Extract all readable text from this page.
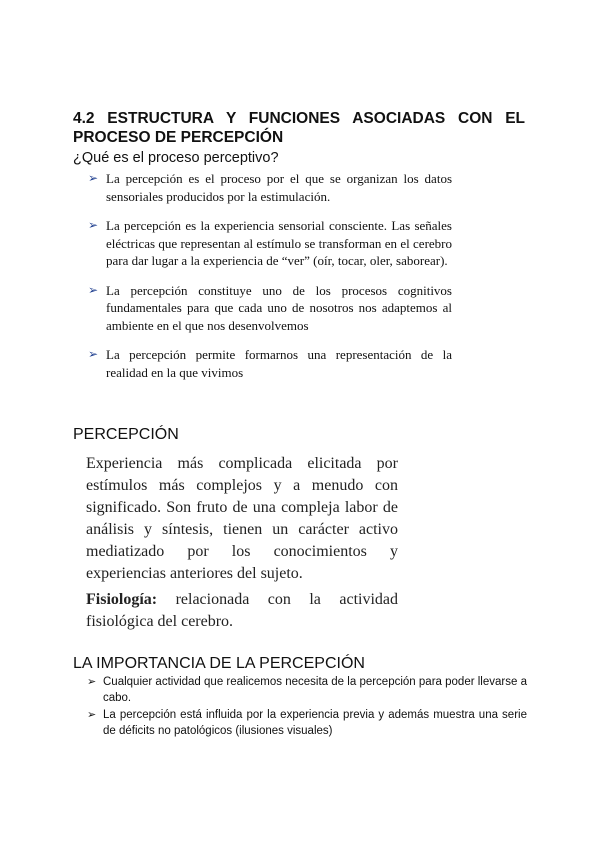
4.2 ESTRUCTURA Y FUNCIONES ASOCIADAS CON EL
PROCESO DE PERCEPCIÓN
¿Qué es el proceso perceptivo?
➢ La percepción es el proceso por el que se organizan los datos sensoriales producidos por la estimulación.
➢ La percepción es la experiencia sensorial consciente. Las señales eléctricas que representan al estímulo se transforman en el cerebro para dar lugar a la experiencia de “ver” (oír, tocar, oler, saborear).
➢ La percepción constituye uno de los procesos cognitivos fundamentales para que cada uno de nosotros nos adaptemos al ambiente en el que nos desenvolvemos
➢ La percepción permite formarnos una representación de la realidad en la que vivimos
PERCEPCIÓN
Experiencia más complicada elicitada por estímulos más complejos y a menudo con significado. Son fruto de una compleja labor de análisis y síntesis, tienen un carácter activo mediatizado por los conocimientos y experiencias anteriores del sujeto.
Fisiología: relacionada con la actividad fisiológica del cerebro.
LA IMPORTANCIA DE LA PERCEPCIÓN
➢ Cualquier actividad que realicemos necesita de la percepción para poder llevarse a cabo.
➢ La percepción está influida por la experiencia previa y además muestra una serie de déficits no patológicos (ilusiones visuales)
